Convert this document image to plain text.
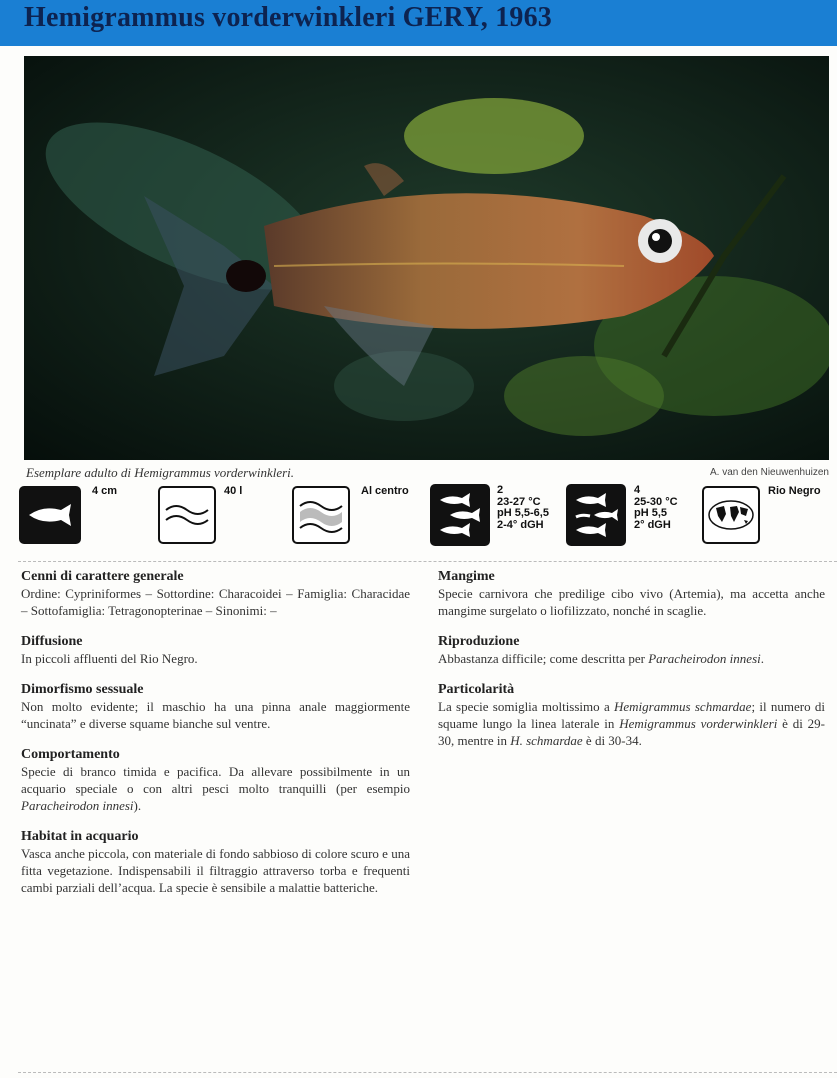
Hemigrammus vorderwinkleri GERY, 1963
Esemplare adulto di Hemigrammus vorderwinkleri.	A. van den Nieuwenhuizen
4 cm	40 l	Al centro	2
23-27 °C
pH 5,5-6,5
2-4° dGH
4
25-30 °C
pH 5,5
2° dGH
Rio Negro
Cenni di carattere generale

Ordine: Cypriniformes – Sottordine: Characoidei – Famiglia: Characidae – Sottofamiglia: Tetragonopterinae – Sinonimi: –

Diffusione

In piccoli affluenti del Rio Negro.

Dimorfismo sessuale

Non molto evidente; il maschio ha una pinna anale maggiormente “uncinata” e diverse squame bianche sul ventre.

Comportamento

Specie di branco timida e pacifica. Da allevare possibilmente in un acquario speciale o con altri pesci molto tranquilli (per esempio Paracheirodon innesi).

Habitat in acquario

Vasca anche piccola, con materiale di fondo sabbioso di colore scuro e una fitta vegetazione. Indispensabili il filtraggio attraverso torba e frequenti cambi parziali dell’acqua. La specie è sensibile a malattie batteriche.

Mangime

Specie carnivora che predilige cibo vivo (Artemia), ma accetta anche mangime surgelato o liofilizzato, nonché in scaglie.

Riproduzione

Abbastanza difficile; come descritta per Paracheirodon innesi.

Particolarità

La specie somiglia moltissimo a Hemigrammus schmardae; il numero di squame lungo la linea laterale in Hemigrammus vorderwinkleri è di 29-30, mentre in H. schmardae è di 30-34.
